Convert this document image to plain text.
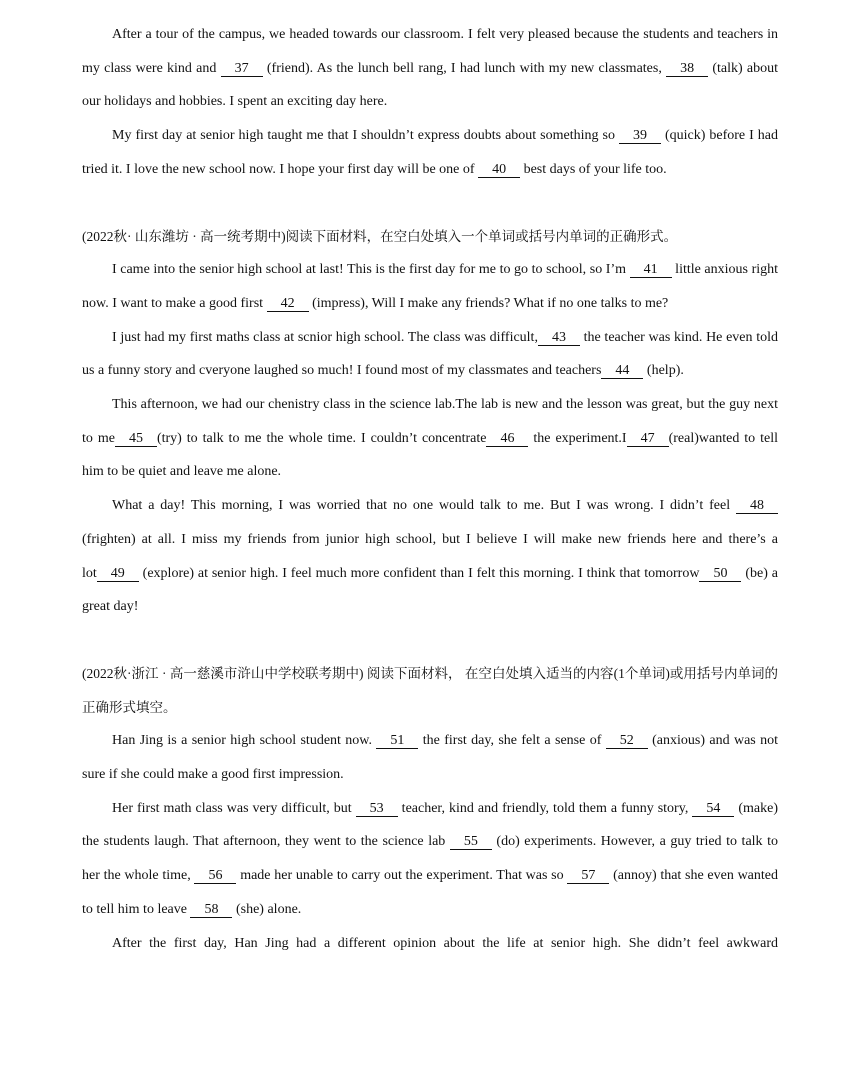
After a tour of the campus, we headed towards our classroom. I felt very pleased because the students and teachers in my class were kind and 37 (friend). As the lunch bell rang, I had lunch with my new classmates, 38 (talk) about our holidays and hobbies. I spent an exciting day here.

My first day at senior high taught me that I shouldn’t express doubts about something so 39 (quick) before I had tried it. I love the new school now. I hope your first day will be one of 40 best days of your life too.

(2022秋· 山东潍坊 · 高一统考期中)阅读下面材料，在空白处填入一个单词或括号内单词的正确形式。

I came into the senior high school at last! This is the first day for me to go to school, so I’m 41 little anxious right now. I want to make a good first 42 (impress), Will I make any friends? What if no one talks to me?

I just had my first maths class at scnior high school. The class was difficult, 43 the teacher was kind. He even told us a funny story and cveryone laughed so much! I found most of my classmates and teachers 44 (help).

This afternoon, we had our chenistry class in the science lab.The lab is new and the lesson was great, but the guy next to me 45 (try) to talk to me the whole time. I couldn’t concentrate 46 the experiment.I 47 (real)wanted to tell him to be quiet and leave me alone.

What a day! This morning, I was worried that no one would talk to me. But I was wrong. I didn’t feel 48 (frighten) at all. I miss my friends from junior high school, but I believe I will make new friends here and there’s a lot 49 (explore) at senior high. I feel much more confident than I felt this morning. I think that tomorrow 50 (be) a great day!

(2022秋·浙江 · 高一慈溪市浒山中学校联考期中) 阅读下面材料， 在空白处填入适当的内容(1个单词)或用括号内单词的正确形式填空。

Han Jing is a senior high school student now. 51 the first day, she felt a sense of 52 (anxious) and was not sure if she could make a good first impression.

Her first math class was very difficult, but 53 teacher, kind and friendly, told them a funny story, 54 (make) the students laugh. That afternoon, they went to the science lab 55 (do) experiments. However, a guy tried to talk to her the whole time, 56 made her unable to carry out the experiment. That was so 57 (annoy) that she even wanted to tell him to leave 58 (she) alone.

After the first day, Han Jing had a different opinion about the life at senior high. She didn’t feel awkward
